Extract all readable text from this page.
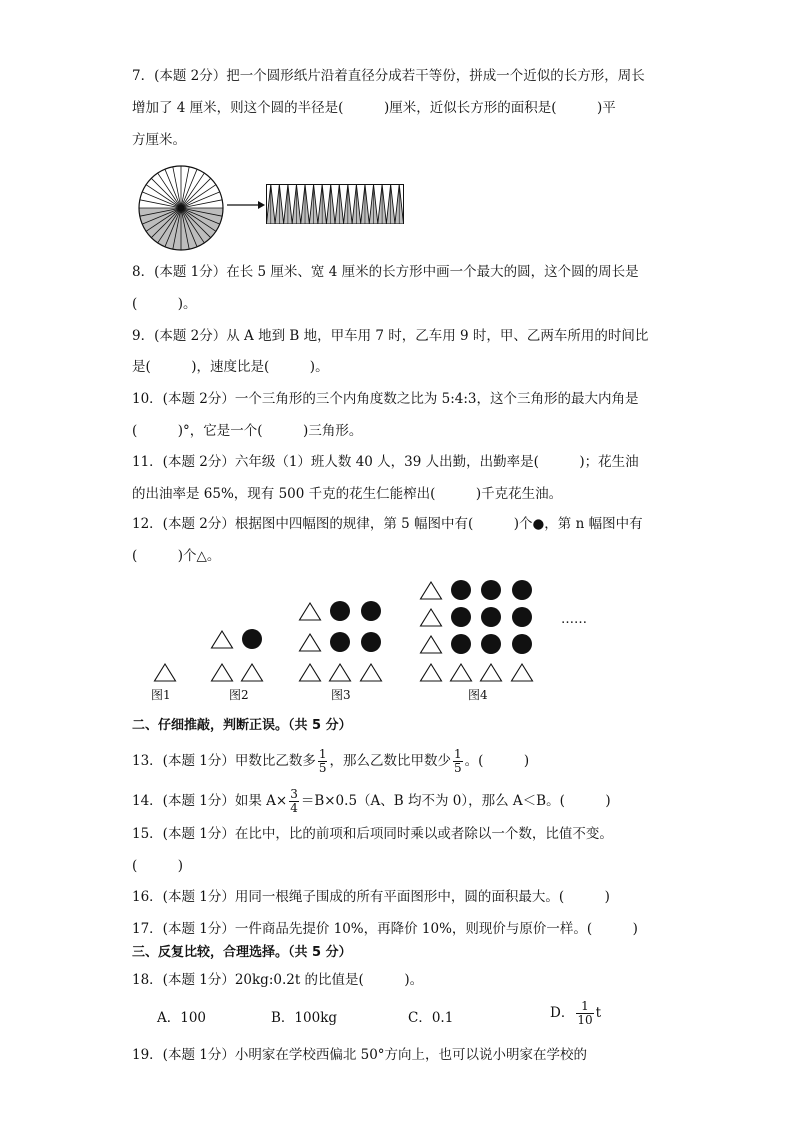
7．(本题 2分）把一个圆形纸片沿着直径分成若干等份，拼成一个近似的长方形，周长
增加了 4 厘米，则这个圆的半径是(　　　)厘米，近似长方形的面积是(　　　)平
方厘米。
8．(本题 1分）在长 5 厘米、宽 4 厘米的长方形中画一个最大的圆，这个圆的周长是
(　　　)。
9．(本题 2分）从 A 地到 B 地，甲车用 7 时，乙车用 9 时，甲、乙两车所用的时间比
是(　　　)，速度比是(　　　)。
10．(本题 2分）一个三角形的三个内角度数之比为 5:4:3，这个三角形的最大内角是
(　　　)°，它是一个(　　　)三角形。
11．(本题 2分）六年级（1）班人数 40 人，39 人出勤，出勤率是(　　　)；花生油
的出油率是 65%，现有 500 千克的花生仁能榨出(　　　)千克花生油。
12．(本题 2分）根据图中四幅图的规律，第 5 幅图中有(　　　)个●，第 n 幅图中有
(　　　)个△。
图1	图2	图3	图4
……
二、仔细推敲，判断正误。（共 5 分）
13．(本题 1分）甲数比乙数多 $\frac{1}{5}$ ，那么乙数比甲数少 $\frac{1}{5}$ 。(　　　)
14．(本题 1分）如果 $A\times \frac{3}{4} =B\times 0.5(A$、B 均不为 0），那么 A＜B。(　　　)
15．(本题 1分）在比中，比的前项和后项同时乘以或者除以一个数，比值不变。
(　　　)
16．(本题 1分）用同一根绳子围成的所有平面图形中，圆的面积最大。(　　　)
17．(本题 1分）一件商品先提价 10%，再降价 10%，则现价与原价一样。(　　　)
三、反复比较，合理选择。（共 5 分）
18．(本题 1分）20kg:0.2t 的比值是(　　　)。
A．100	B．100kg	C．0.1	D． $\frac{1}{10}$ t
19．(本题 1分）小明家在学校西偏北 50°方向上，也可以说小明家在学校的
